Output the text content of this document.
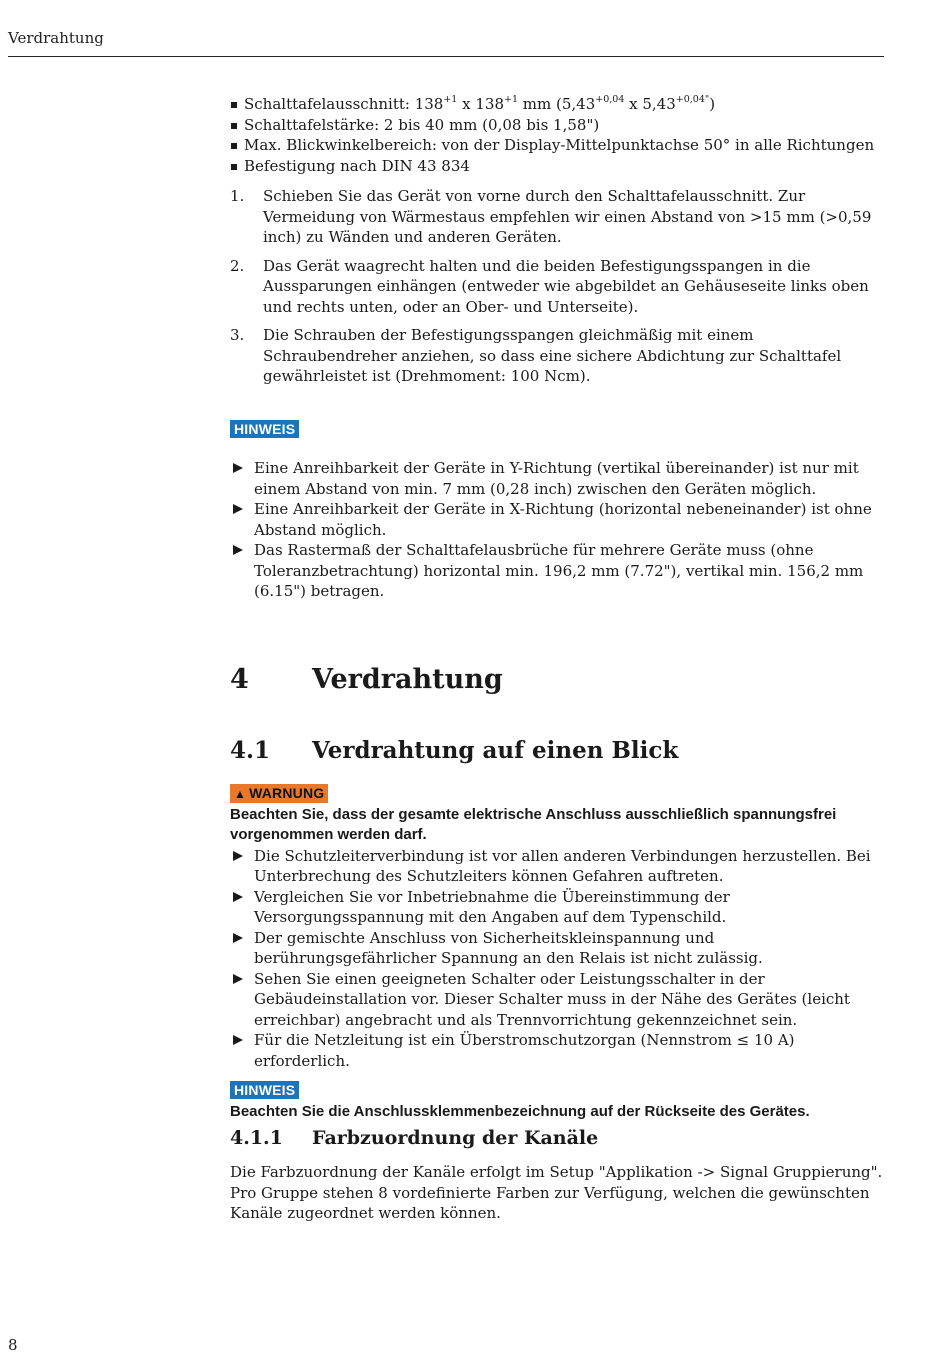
Verdrahtung
Schalttafelausschnitt: $138^{+1}$ x $138^{+1}$ mm ($5,43^{+0,04}$ x $5,43^{+0,04"}$)
Schalttafelstärke: 2 bis 40 mm (0,08 bis 1,58")
Max. Blickwinkelbereich: von der Display-Mittelpunktachse 50° in alle Richtungen
Befestigung nach DIN 43 834
1. Schieben Sie das Gerät von vorne durch den Schalttafelausschnitt. Zur Vermeidung von Wärmestaus empfehlen wir einen Abstand von >15 mm (>0,59 inch) zu Wänden und anderen Geräten.
2. Das Gerät waagrecht halten und die beiden Befestigungsspangen in die Aussparungen einhängen (entweder wie abgebildet an Gehäuseseite links oben und rechts unten, oder an Ober- und Unterseite).
3. Die Schrauben der Befestigungsspangen gleichmäßig mit einem Schraubendreher anziehen, so dass eine sichere Abdichtung zur Schalttafel gewährleistet ist (Drehmoment: 100 Ncm).
HINWEIS
Eine Anreihbarkeit der Geräte in Y-Richtung (vertikal übereinander) ist nur mit einem Abstand von min. 7 mm (0,28 inch) zwischen den Geräten möglich.
Eine Anreihbarkeit der Geräte in X-Richtung (horizontal nebeneinander) ist ohne Abstand möglich.
Das Rastermaß der Schalttafelausbrüche für mehrere Geräte muss (ohne Toleranzbetrachtung) horizontal min. 196,2 mm (7.72"), vertikal min. 156,2 mm (6.15") betragen.
4 Verdrahtung
4.1 Verdrahtung auf einen Blick
▲ WARNUNG
Beachten Sie, dass der gesamte elektrische Anschluss ausschließlich spannungsfrei vorgenommen werden darf.
Die Schutzleiterverbindung ist vor allen anderen Verbindungen herzustellen. Bei Unterbrechung des Schutzleiters können Gefahren auftreten.
Vergleichen Sie vor Inbetriebnahme die Übereinstimmung der Versorgungsspannung mit den Angaben auf dem Typenschild.
Der gemischte Anschluss von Sicherheitskleinspannung und berührungsgefährlicher Spannung an den Relais ist nicht zulässig.
Sehen Sie einen geeigneten Schalter oder Leistungsschalter in der Gebäudeinstallation vor. Dieser Schalter muss in der Nähe des Gerätes (leicht erreichbar) angebracht und als Trennvorrichtung gekennzeichnet sein.
Für die Netzleitung ist ein Überstromschutzorgan (Nennstrom ≤ 10 A) erforderlich.
HINWEIS
Beachten Sie die Anschlussklemmenbezeichnung auf der Rückseite des Gerätes.
4.1.1 Farbzuordnung der Kanäle
Die Farbzuordnung der Kanäle erfolgt im Setup "Applikation -> Signal Gruppierung". Pro Gruppe stehen 8 vordefinierte Farben zur Verfügung, welchen die gewünschten Kanäle zugeordnet werden können.
8
